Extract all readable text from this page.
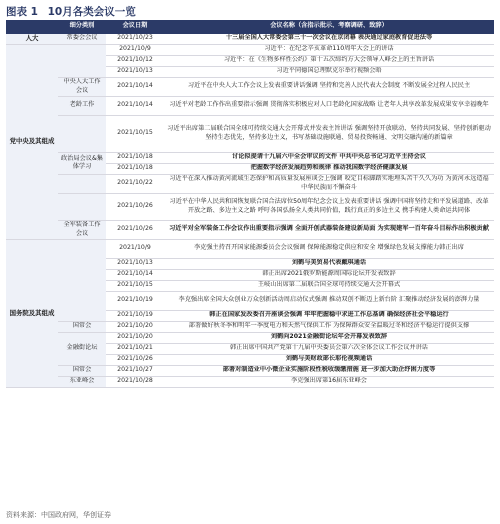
图表 1 10月各类会议一览
	细分类别	会议日期	会议名称（含指示批示、考察调研、致辞）
人大	常委会会议	2021/10/23	十三届全国人大常委会第三十一次会议在京闭幕 表决通过家庭教育促进法等
党中央及其组成		2021/10/9	习近平：在纪念辛亥革命110周年大会上的讲话
		2021/10/12	习近平：在《生物多样性公约》第十五次缔约方大会领导人峰会上的主旨讲话
		2021/10/13	习近平同德国总理默克尔举行视频会晤
	中央人大工作会议	2021/10/14	习近平在中央人大工作会议上发表重要讲话强调 坚持和完善人民代表大会制度 不断发展全过程人民民主
	老龄工作	2021/10/14	习近平对老龄工作作出重要指示强调 贯彻落实积极应对人口老龄化国家战略 让老年人共享改革发展成果安享幸福晚年
		2021/10/15	习近平出席第二届联合国全球可持续交通大会开幕式并发表主旨讲话 强调坚持开放联动、坚持共同发展、坚持创新驱动 坚持生态优先，坚持多边主义，书写基础设施联通、贸易投资畅通、文明交融沟通的新篇章
	政治局会议&集体学习	2021/10/18	讨论拟提请十九届六中全会审议的文件 中共中央总书记习近平主持会议
		2021/10/18	把握数字经济发展趋势和规律 推动我国数字经济健康发展
		2021/10/22	习近平在深入推动黄河流域生态保护和高质量发展座谈会上强调 咬定目标脚踏实地埋头苦干久久为功 为黄河永远造福中华民族而不懈奋斗
		2021/10/26	习近平在中华人民共和国恢复联合国合法席位50周年纪念会议上发表重要讲话 强调中国将坚持走和平发展道路、改革开放之路、多边主义之路 呼吁各国弘扬全人类共同价值，践行真正的多边主义 携手构建人类命运共同体
	全军装备工作会议	2021/10/26	习近平对全军装备工作会议作出重要指示强调 全面开创武器装备建设新局面 为实现建军一百年奋斗目标作出积极贡献
国务院及其组成		2021/10/9	李克强主持召开国家能源委员会会议强调 保障能源稳定供应和安全 增强绿色发展支撑能力韩正出席
		2021/10/13	刘鹤与美贸易代表戴琪通话
		2021/10/14	韩正出席2021俄罗斯能源周国际论坛开发表致辞
		2021/10/15	王岐山出席第二届联合国全球可持续交通大会开幕式
		2021/10/19	李克强出席全国大众创业万众创新活动周启动仪式强调 推动双创不断迈上新台阶 汇聚推动经济发展的澎湃力量
		2021/10/19	韩正在国家发改委召开座谈会强调 牢牢把握稳中求进工作总基调 确保经济社会平稳运行
	国常会	2021/10/20	部署做好秋冬季和明年一季度电力和天然气保供工作 为保障群众安全温暖过冬和经济平稳运行提供支撑
	金融街论坛	2021/10/20	刘鹤向2021金融街论坛年会开幕发表致辞
		2021/10/21	韩正出席中国共产党第十九届中央委员会第六次全体会议工作会议并讲话
		2021/10/26	刘鹤与美财政部长耶伦视频通话
	国常会	2021/10/27	部署对制造业中小微企业实施阶段性税收缓缴措施 进一步加大助企纾困力度等
	东亚峰会	2021/10/28	李克强出席第16届东亚峰会
资料来源：中国政府网，华创证券
